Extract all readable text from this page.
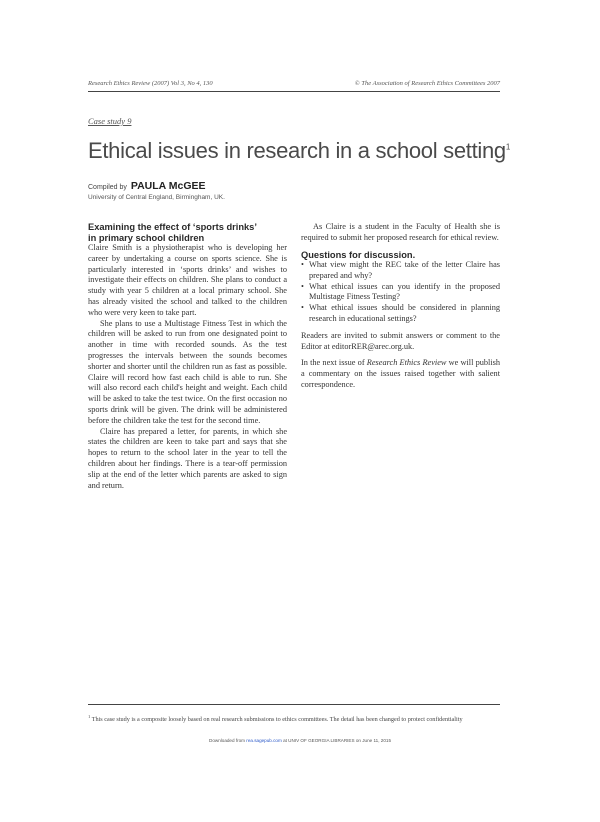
Research Ethics Review (2007) Vol 3, No 4, 130	© The Association of Research Ethics Committees 2007
Case study 9
Ethical issues in research in a school setting$^1$
Compiled by PAULA McGEE
University of Central England, Birmingham, UK.
Examining the effect of ‘sports drinks’
in primary school children

Claire Smith is a physiotherapist who is developing her career by undertaking a course on sports science. She is particularly interested in ‘sports drinks’ and wishes to investigate their effects on children. She plans to conduct a study with year 5 children at a local primary school. She has already visited the school and talked to the children who were very keen to take part.

She plans to use a Multistage Fitness Test in which the children will be asked to run from one designated point to another in time with recorded sounds. As the test progresses the intervals between the sounds becomes shorter and shorter until the children run as fast as possible. Claire will record how fast each child is able to run. She will also record each child's height and weight. Each child will be asked to take the test twice. On the first occasion no sports drink will be given. The drink will be administered before the children take the test for the second time.

Claire has prepared a letter, for parents, in which she states the children are keen to take part and says that she hopes to return to the school later in the year to tell the children about her findings. There is a tear-off permission slip at the end of the letter which parents are asked to sign and return.

As Claire is a student in the Faculty of Health she is required to submit her proposed research for ethical review.

Questions for discussion.
• What view might the REC take of the letter Claire has prepared and why?
• What ethical issues can you identify in the proposed Multistage Fitness Testing?
• What ethical issues should be considered in planning research in educational settings?

Readers are invited to submit answers or comment to the Editor at editorRER@arec.org.uk.

In the next issue of Research Ethics Review we will publish a commentary on the issues raised together with salient correspondence.

$^1$ This case study is a composite loosely based on real research submissions to ethics committees. The detail has been changed to protect confidentiality
Downloaded from rea.sagepub.com at UNIV OF GEORGIA LIBRARIES on June 11, 2015
